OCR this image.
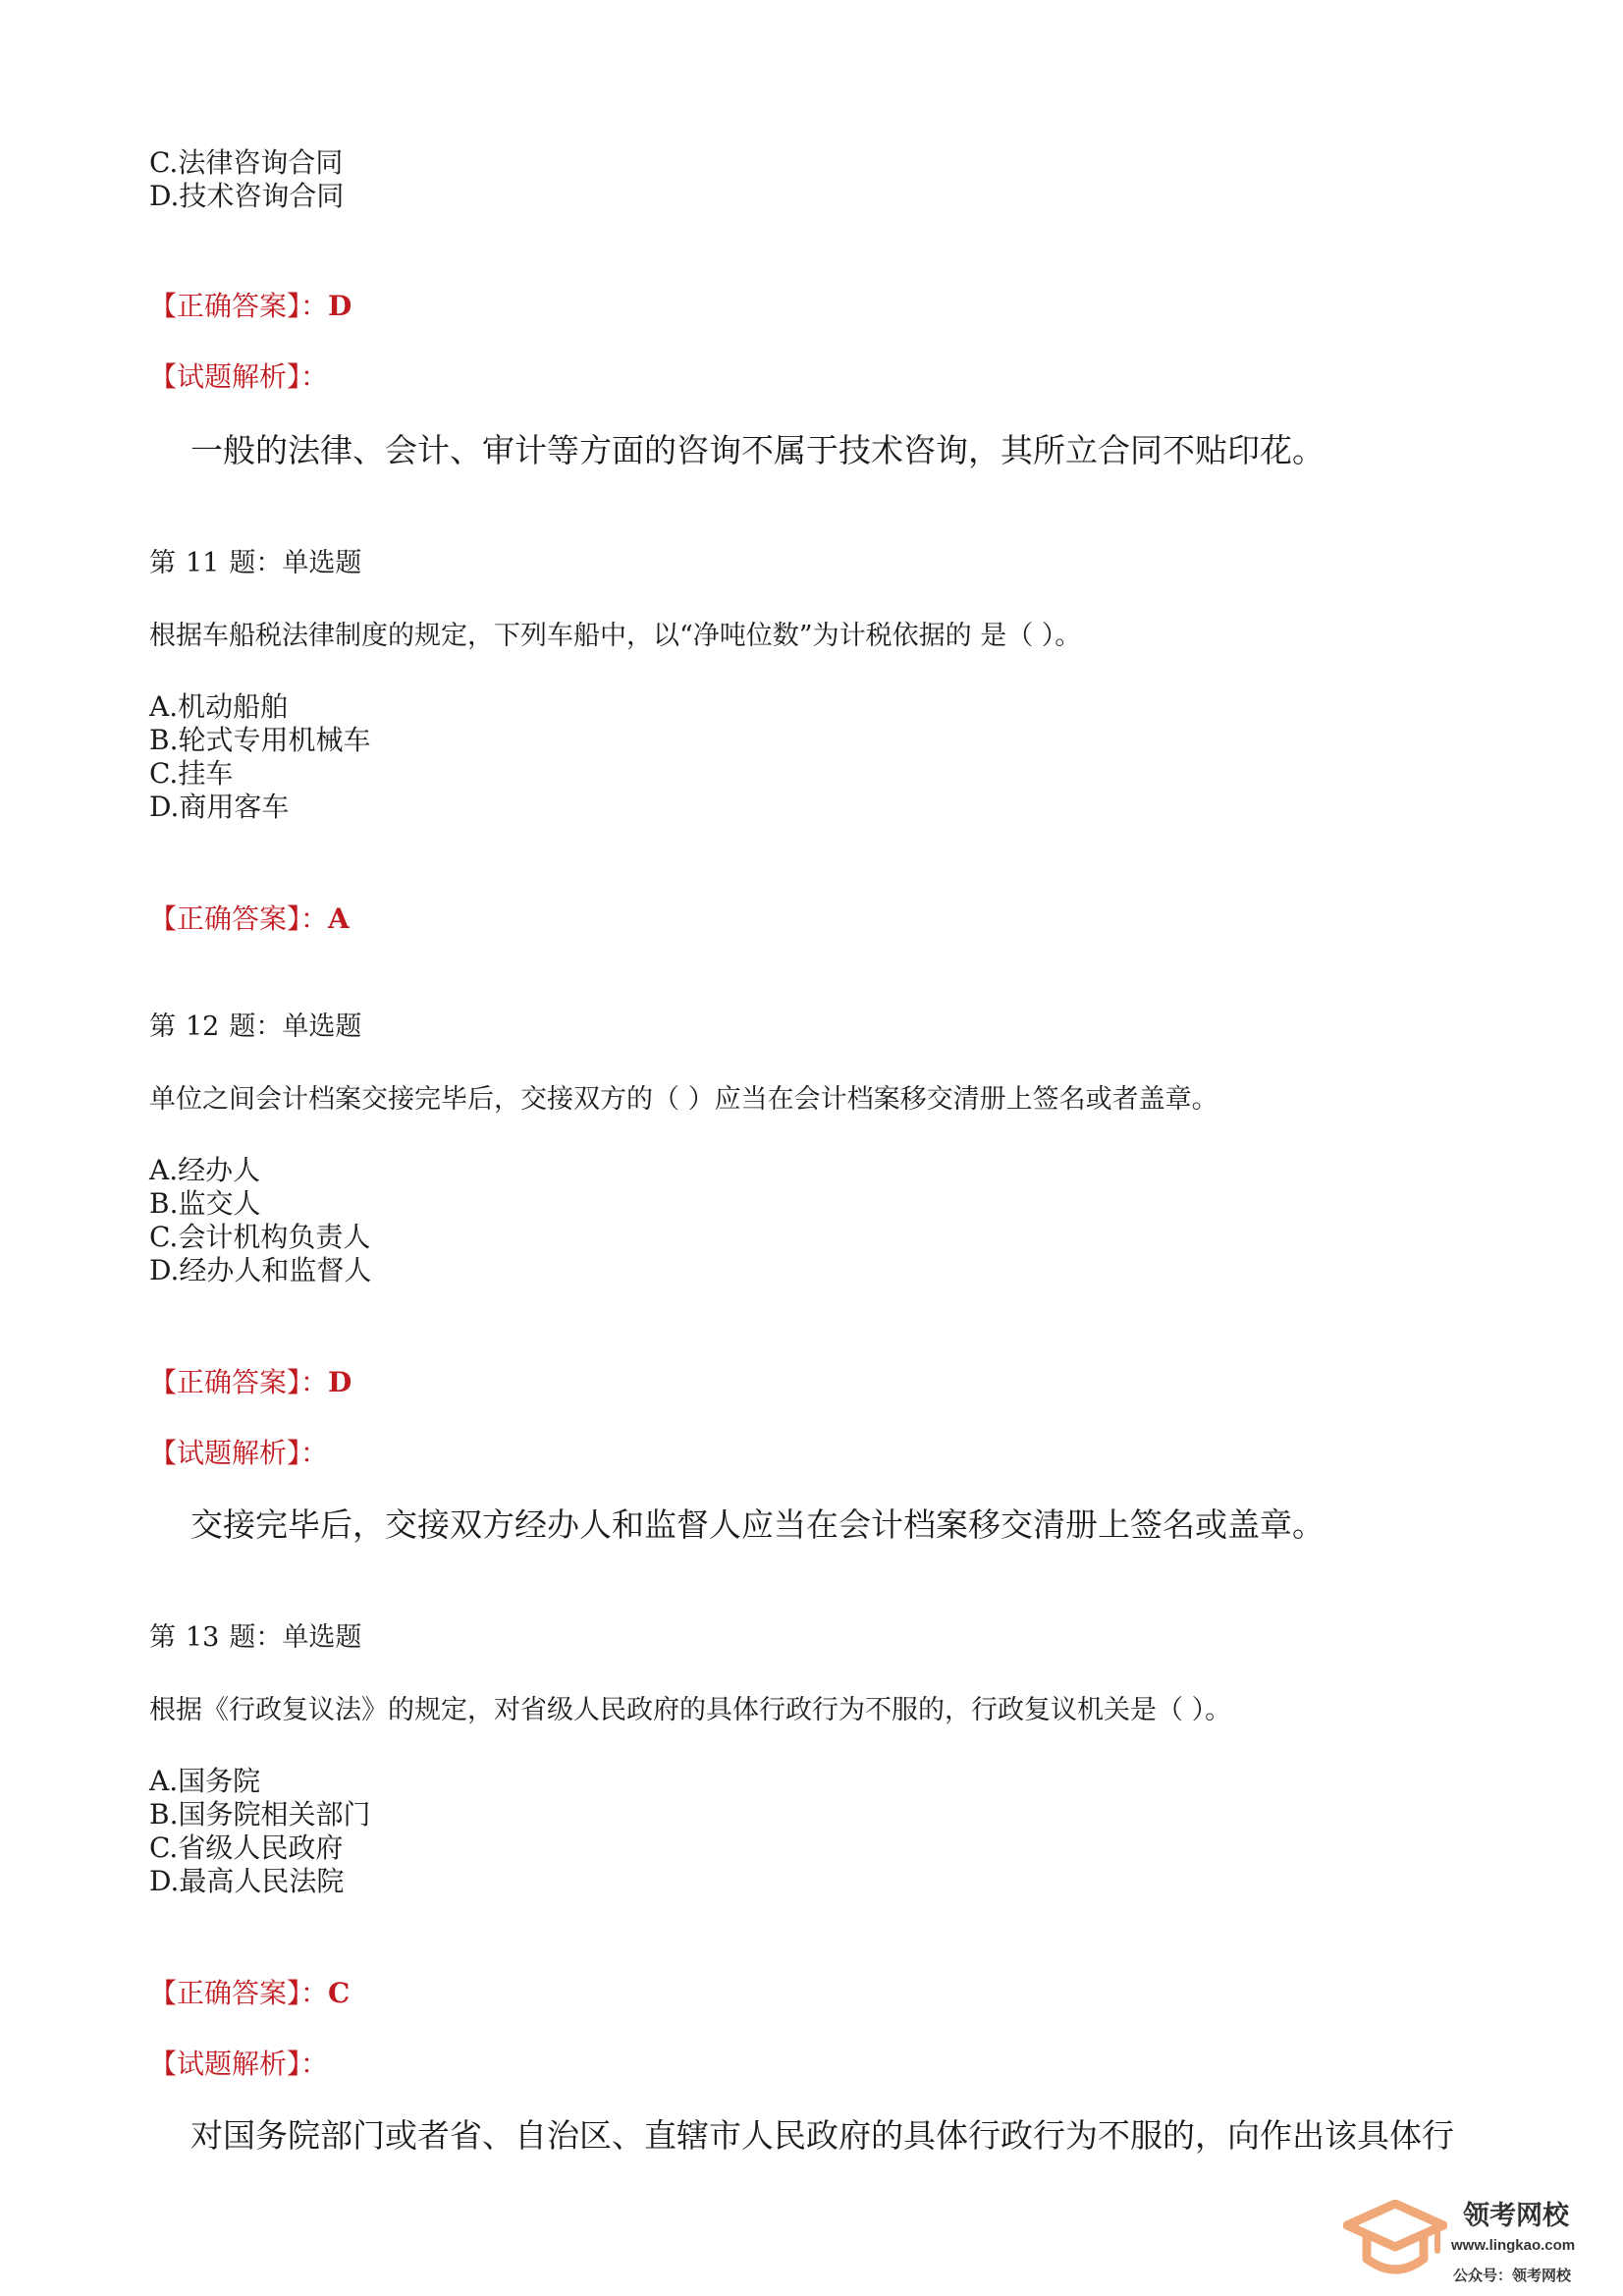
C.法律咨询合同
D.技术咨询合同
【正确答案】：D
【试题解析】：
一般的法律、会计、审计等方面的咨询不属于技术咨询，其所立合同不贴印花。
第 11 题：单选题
根据车船税法律制度的规定，下列车船中，以“净吨位数”为计税依据的 是（ ）。
A.机动船舶
B.轮式专用机械车
C.挂车
D.商用客车
【正确答案】：A
第 12 题：单选题
单位之间会计档案交接完毕后，交接双方的（ ）应当在会计档案移交清册上签名或者盖章。
A.经办人
B.监交人
C.会计机构负责人
D.经办人和监督人
【正确答案】：D
【试题解析】：
交接完毕后，交接双方经办人和监督人应当在会计档案移交清册上签名或盖章。
第 13 题：单选题
根据《行政复议法》的规定，对省级人民政府的具体行政行为不服的，行政复议机关是（ ）。
A.国务院
B.国务院相关部门
C.省级人民政府
D.最高人民法院
【正确答案】：C
【试题解析】：
对国务院部门或者省、自治区、直辖市人民政府的具体行政行为不服的，向作出该具体行
领考网校
www.lingkao.com
公众号：领考网校
